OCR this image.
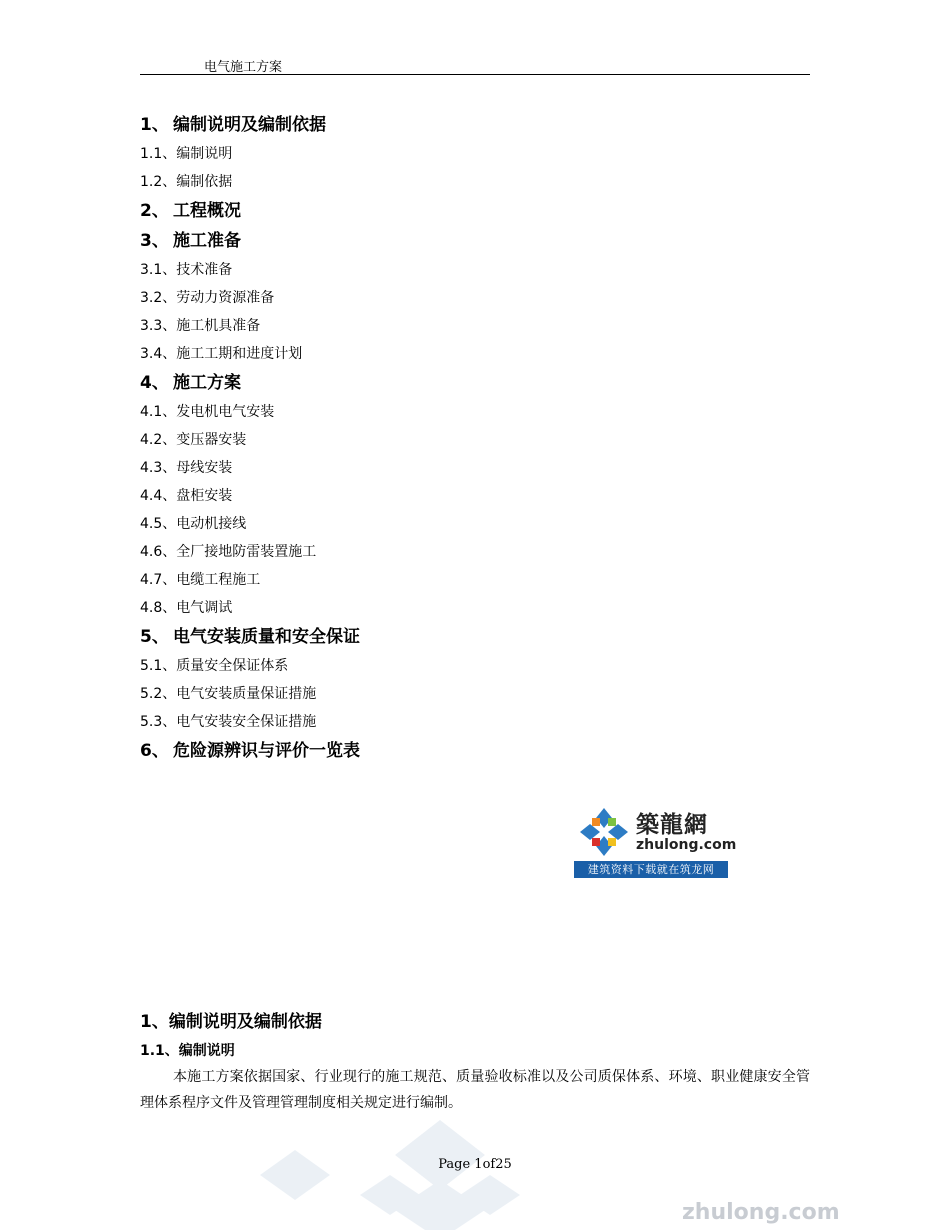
电气施工方案
1、 编制说明及编制依据
1.1、编制说明
1.2、编制依据
2、 工程概况
3、 施工准备
3.1、技术准备
3.2、劳动力资源准备
3.3、施工机具准备
3.4、施工工期和进度计划
4、 施工方案
4.1、发电机电气安装
4.2、变压器安装
4.3、母线安装
4.4、盘柜安装
4.5、电动机接线
4.6、全厂接地防雷装置施工
4.7、电缆工程施工
4.8、电气调试
5、 电气安装质量和安全保证
5.1、质量安全保证体系
5.2、电气安装质量保证措施
5.3、电气安装安全保证措施
6、 危险源辨识与评价一览表
築龍網
zhulong.com
建筑资料下载就在筑龙网
1、编制说明及编制依据
1.1、编制说明
本施工方案依据国家、行业现行的施工规范、质量验收标准以及公司质保体系、环境、职业健康安全管理体系程序文件及管理管理制度相关规定进行编制。
zhulong.com
Page 1of25
